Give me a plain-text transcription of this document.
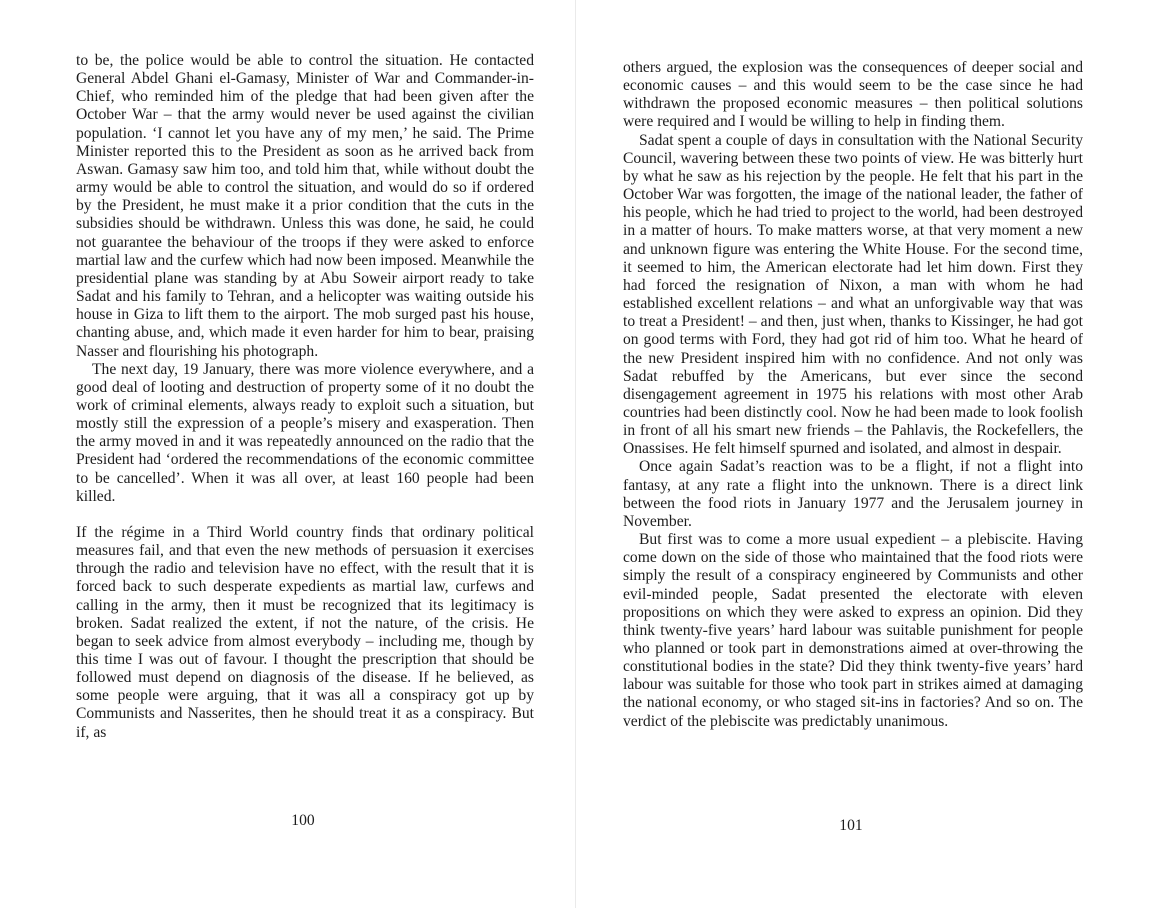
to be, the police would be able to control the situation. He contacted General Abdel Ghani el-Gamasy, Minister of War and Commander-in-Chief, who reminded him of the pledge that had been given after the October War – that the army would never be used against the civilian population. ‘I cannot let you have any of my men,’ he said. The Prime Minister reported this to the President as soon as he arrived back from Aswan. Gamasy saw him too, and told him that, while without doubt the army would be able to control the situation, and would do so if ordered by the President, he must make it a prior condition that the cuts in the subsidies should be withdrawn. Unless this was done, he said, he could not guarantee the behaviour of the troops if they were asked to enforce martial law and the curfew which had now been imposed. Meanwhile the presidential plane was standing by at Abu Soweir airport ready to take Sadat and his family to Tehran, and a helicopter was waiting outside his house in Giza to lift them to the airport. The mob surged past his house, chanting abuse, and, which made it even harder for him to bear, praising Nasser and flourishing his photograph.

The next day, 19 January, there was more violence everywhere, and a good deal of looting and destruction of property some of it no doubt the work of criminal elements, always ready to exploit such a situation, but mostly still the expression of a people’s misery and exasperation. Then the army moved in and it was repeatedly announced on the radio that the President had ‘ordered the recommendations of the economic committee to be cancelled’. When it was all over, at least 160 people had been killed.

If the régime in a Third World country finds that ordinary political measures fail, and that even the new methods of persuasion it exercises through the radio and television have no effect, with the result that it is forced back to such desperate expedients as martial law, curfews and calling in the army, then it must be recognized that its legitimacy is broken. Sadat realized the extent, if not the nature, of the crisis. He began to seek advice from almost everybody – including me, though by this time I was out of favour. I thought the prescription that should be followed must depend on diagnosis of the disease. If he believed, as some people were arguing, that it was all a conspiracy got up by Communists and Nasserites, then he should treat it as a conspiracy. But if, as

100

others argued, the explosion was the consequences of deeper social and economic causes – and this would seem to be the case since he had withdrawn the proposed economic measures – then political solutions were required and I would be willing to help in finding them.

Sadat spent a couple of days in consultation with the National Security Council, wavering between these two points of view. He was bitterly hurt by what he saw as his rejection by the people. He felt that his part in the October War was forgotten, the image of the national leader, the father of his people, which he had tried to project to the world, had been destroyed in a matter of hours. To make matters worse, at that very moment a new and unknown figure was entering the White House. For the second time, it seemed to him, the American electorate had let him down. First they had forced the resignation of Nixon, a man with whom he had established excellent relations – and what an unforgivable way that was to treat a President! – and then, just when, thanks to Kissinger, he had got on good terms with Ford, they had got rid of him too. What he heard of the new President inspired him with no confidence. And not only was Sadat rebuffed by the Americans, but ever since the second disengagement agreement in 1975 his relations with most other Arab countries had been distinctly cool. Now he had been made to look foolish in front of all his smart new friends – the Pahlavis, the Rockefellers, the Onassises. He felt himself spurned and isolated, and almost in despair.

Once again Sadat’s reaction was to be a flight, if not a flight into fantasy, at any rate a flight into the unknown. There is a direct link between the food riots in January 1977 and the Jerusalem journey in November.

But first was to come a more usual expedient – a plebiscite. Having come down on the side of those who maintained that the food riots were simply the result of a conspiracy engineered by Communists and other evil-minded people, Sadat presented the electorate with eleven propositions on which they were asked to express an opinion. Did they think twenty-five years’ hard labour was suitable punishment for people who planned or took part in demonstrations aimed at over-throwing the constitutional bodies in the state? Did they think twenty-five years’ hard labour was suitable for those who took part in strikes aimed at damaging the national economy, or who staged sit-ins in factories? And so on. The verdict of the plebiscite was predictably unanimous.

101
